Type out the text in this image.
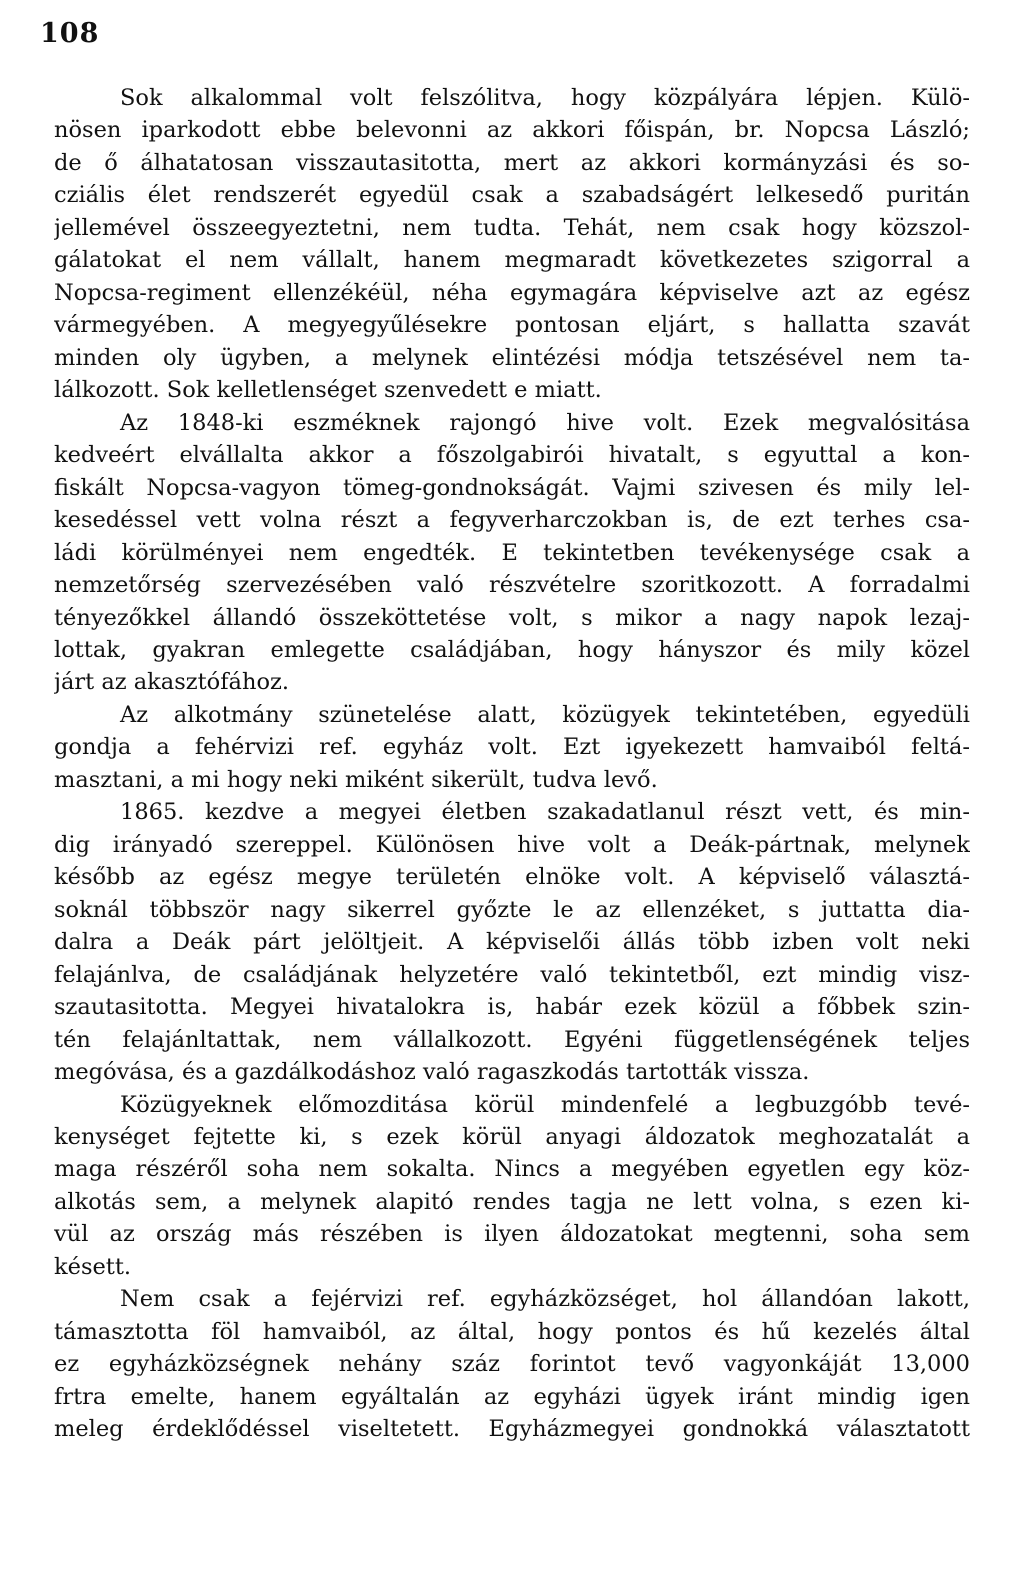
108
Sok alkalommal volt felszólitva, hogy közpályára lépjen. Külö-
nösen iparkodott ebbe belevonni az akkori főispán, br. Nopcsa László;
de ő álhatatosan visszautasitotta, mert az akkori kormányzási és so-
cziális élet rendszerét egyedül csak a szabadságért lelkesedő puritán
jellemével összeegyeztetni, nem tudta. Tehát, nem csak hogy közszol-
gálatokat el nem vállalt, hanem megmaradt következetes szigorral a
Nopcsa-regiment ellenzékéül, néha egymagára képviselve azt az egész
vármegyében. A megyegyűlésekre pontosan eljárt, s hallatta szavát
minden oly ügyben, a melynek elintézési módja tetszésével nem ta-
lálkozott. Sok kelletlenséget szenvedett e miatt.
Az 1848-ki eszméknek rajongó hive volt. Ezek megvalósitása
kedveért elvállalta akkor a főszolgabirói hivatalt, s egyuttal a kon-
fiskált Nopcsa-vagyon tömeg-gondnokságát. Vajmi szivesen és mily lel-
kesedéssel vett volna részt a fegyverharczokban is, de ezt terhes csa-
ládi körülményei nem engedték. E tekintetben tevékenysége csak a
nemzetőrség szervezésében való részvételre szoritkozott. A forradalmi
tényezőkkel állandó összeköttetése volt, s mikor a nagy napok lezaj-
lottak, gyakran emlegette családjában, hogy hányszor és mily közel
járt az akasztófához.
Az alkotmány szünetelése alatt, közügyek tekintetében, egyedüli
gondja a fehérvizi ref. egyház volt. Ezt igyekezett hamvaiból feltá-
masztani, a mi hogy neki miként sikerült, tudva levő.
1865. kezdve a megyei életben szakadatlanul részt vett, és min-
dig irányadó szereppel. Különösen hive volt a Deák-pártnak, melynek
később az egész megye területén elnöke volt. A képviselő választá-
soknál többször nagy sikerrel győzte le az ellenzéket, s juttatta dia-
dalra a Deák párt jelöltjeit. A képviselői állás több izben volt neki
felajánlva, de családjának helyzetére való tekintetből, ezt mindig visz-
szautasitotta. Megyei hivatalokra is, habár ezek közül a főbbek szin-
tén felajánltattak, nem vállalkozott. Egyéni függetlenségének teljes
megóvása, és a gazdálkodáshoz való ragaszkodás tartották vissza.
Közügyeknek előmozditása körül mindenfelé a legbuzgóbb tevé-
kenységet fejtette ki, s ezek körül anyagi áldozatok meghozatalát a
maga részéről soha nem sokalta. Nincs a megyében egyetlen egy köz-
alkotás sem, a melynek alapitó rendes tagja ne lett volna, s ezen ki-
vül az ország más részében is ilyen áldozatokat megtenni, soha sem
késett.
Nem csak a fejérvizi ref. egyházközséget, hol állandóan lakott,
támasztotta föl hamvaiból, az által, hogy pontos és hű kezelés által
ez egyházközségnek nehány száz forintot tevő vagyonkáját 13,000
frtra emelte, hanem egyáltalán az egyházi ügyek iránt mindig igen
meleg érdeklődéssel viseltetett. Egyházmegyei gondnokká választatott
